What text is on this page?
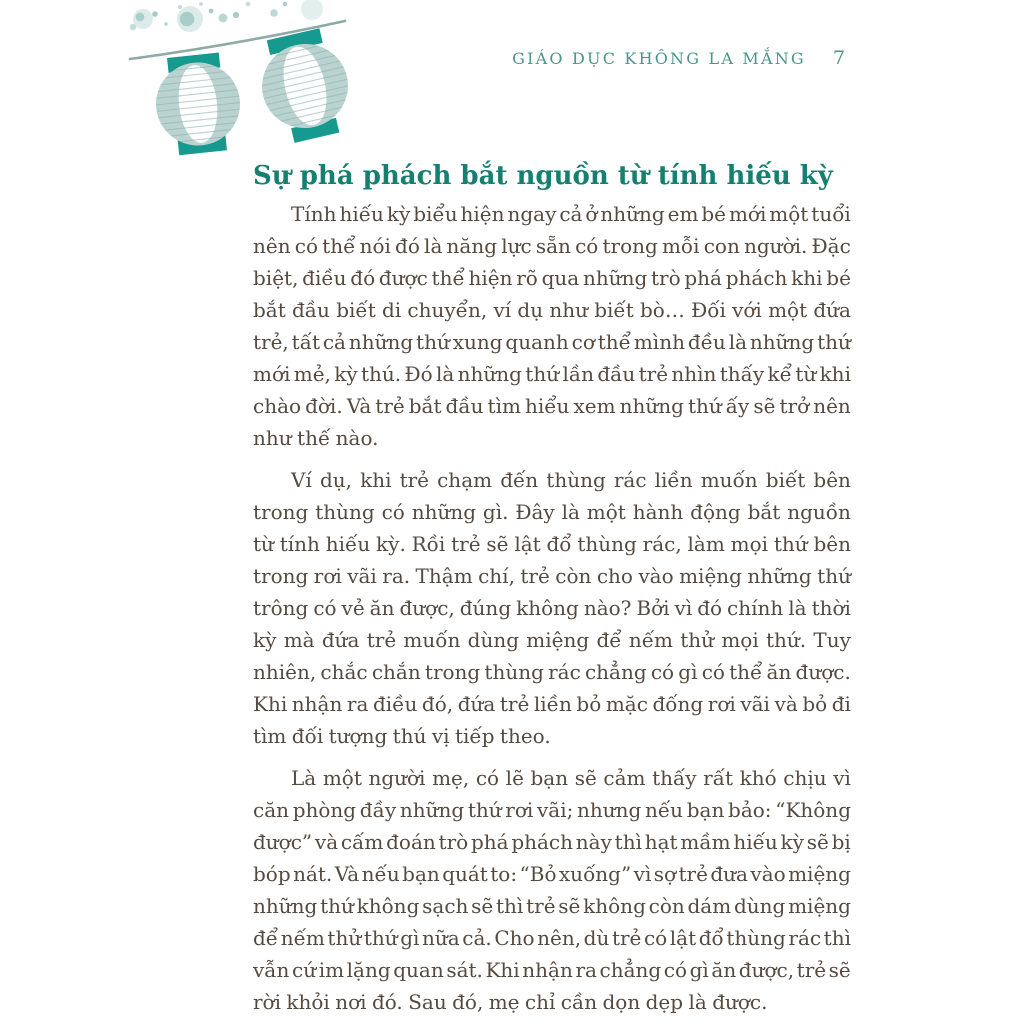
GIÁO DỤC KHÔNG LA MẮNG 7
Sự phá phách bắt nguồn từ tính hiếu kỳ
Tính hiếu kỳ biểu hiện ngay cả ở những em bé mới một tuổi
nên có thể nói đó là năng lực sẵn có trong mỗi con người. Đặc
biệt, điều đó được thể hiện rõ qua những trò phá phách khi bé
bắt đầu biết di chuyển, ví dụ như biết bò… Đối với một đứa
trẻ, tất cả những thứ xung quanh cơ thể mình đều là những thứ
mới mẻ, kỳ thú. Đó là những thứ lần đầu trẻ nhìn thấy kể từ khi
chào đời. Và trẻ bắt đầu tìm hiểu xem những thứ ấy sẽ trở nên
như thế nào.
Ví dụ, khi trẻ chạm đến thùng rác liền muốn biết bên
trong thùng có những gì. Đây là một hành động bắt nguồn
từ tính hiếu kỳ. Rồi trẻ sẽ lật đổ thùng rác, làm mọi thứ bên
trong rơi vãi ra. Thậm chí, trẻ còn cho vào miệng những thứ
trông có vẻ ăn được, đúng không nào? Bởi vì đó chính là thời
kỳ mà đứa trẻ muốn dùng miệng để nếm thử mọi thứ. Tuy
nhiên, chắc chắn trong thùng rác chẳng có gì có thể ăn được.
Khi nhận ra điều đó, đứa trẻ liền bỏ mặc đống rơi vãi và bỏ đi
tìm đối tượng thú vị tiếp theo.
Là một người mẹ, có lẽ bạn sẽ cảm thấy rất khó chịu vì
căn phòng đầy những thứ rơi vãi; nhưng nếu bạn bảo: “Không
được” và cấm đoán trò phá phách này thì hạt mầm hiếu kỳ sẽ bị
bóp nát. Và nếu bạn quát to: “Bỏ xuống” vì sợ trẻ đưa vào miệng
những thứ không sạch sẽ thì trẻ sẽ không còn dám dùng miệng
để nếm thử thứ gì nữa cả. Cho nên, dù trẻ có lật đổ thùng rác thì
vẫn cứ im lặng quan sát. Khi nhận ra chẳng có gì ăn được, trẻ sẽ
rời khỏi nơi đó. Sau đó, mẹ chỉ cần dọn dẹp là được.
